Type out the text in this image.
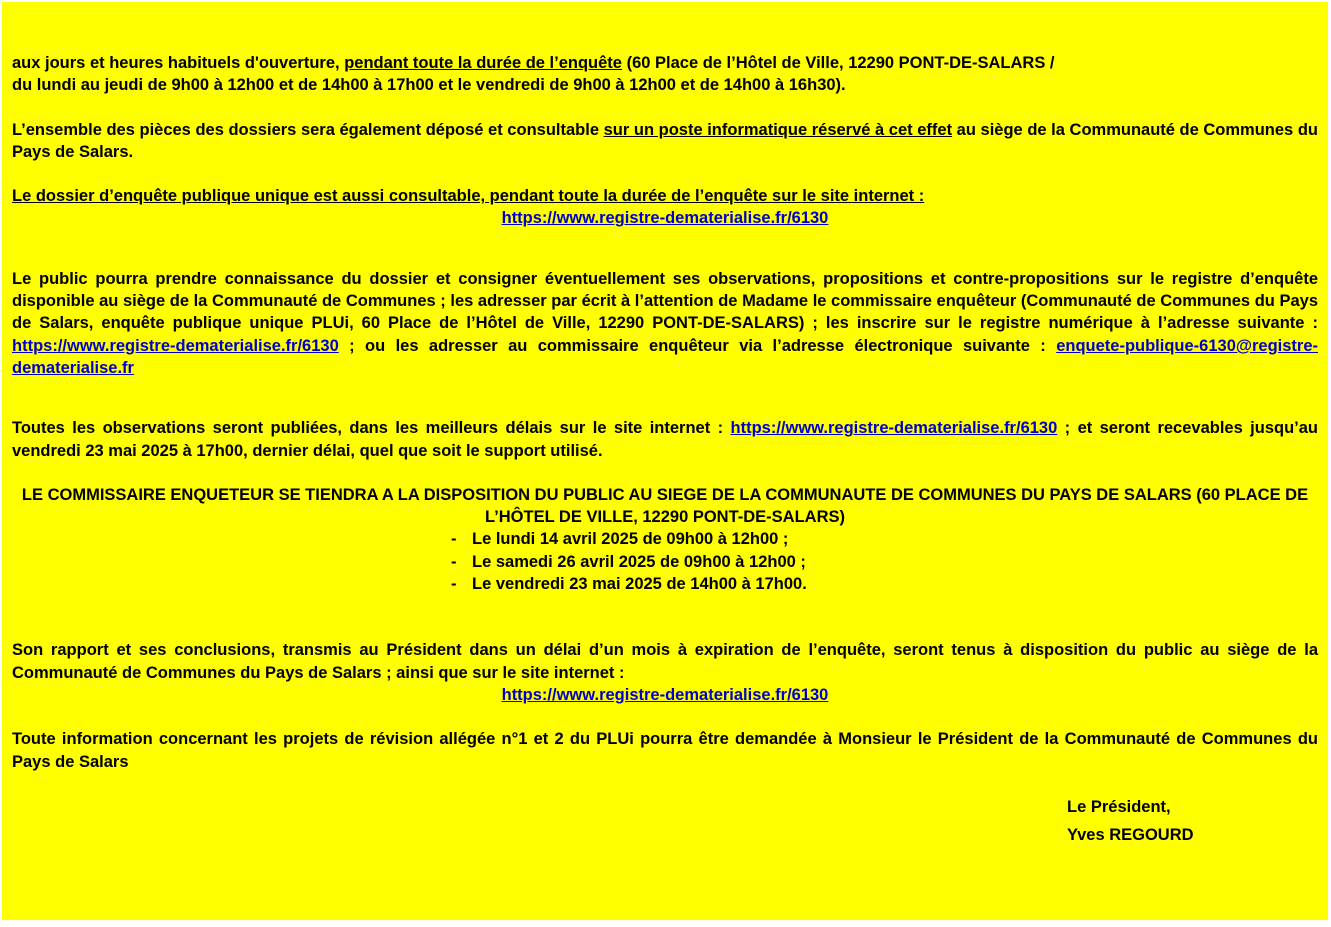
aux jours et heures habituels d'ouverture, pendant toute la durée de l’enquête (60 Place de l’Hôtel de Ville, 12290 PONT-DE-SALARS /
du lundi au jeudi de 9h00 à 12h00 et de 14h00 à 17h00 et le vendredi de 9h00 à 12h00 et de 14h00 à 16h30).

L’ensemble des pièces des dossiers sera également déposé et consultable sur un poste informatique réservé à cet effet au siège de la Communauté de Communes du Pays de Salars.

Le dossier d’enquête publique unique est aussi consultable, pendant toute la durée de l’enquête sur le site internet :

https://www.registre-dematerialise.fr/6130

Le public pourra prendre connaissance du dossier et consigner éventuellement ses observations, propositions et contre-propositions sur le registre d’enquête disponible au siège de la Communauté de Communes ; les adresser par écrit à l’attention de Madame le commissaire enquêteur (Communauté de Communes du Pays de Salars, enquête publique unique PLUi, 60 Place de l’Hôtel de Ville, 12290 PONT-DE-SALARS) ; les inscrire sur le registre numérique à l’adresse suivante : https://www.registre-dematerialise.fr/6130 ; ou les adresser au commissaire enquêteur via l’adresse électronique suivante : enquete-publique-6130@registre-dematerialise.fr

Toutes les observations seront publiées, dans les meilleurs délais sur le site internet : https://www.registre-dematerialise.fr/6130 ; et seront recevables jusqu’au vendredi 23 mai 2025 à 17h00, dernier délai, quel que soit le support utilisé.

LE COMMISSAIRE ENQUETEUR SE TIENDRA A LA DISPOSITION DU PUBLIC AU SIEGE DE LA COMMUNAUTE DE COMMUNES DU PAYS DE SALARS (60 PLACE DE L’HÔTEL DE VILLE, 12290 PONT-DE-SALARS)

- Le lundi 14 avril 2025 de 09h00 à 12h00 ;
- Le samedi 26 avril 2025 de 09h00 à 12h00 ;
- Le vendredi 23 mai 2025 de 14h00 à 17h00.

Son rapport et ses conclusions, transmis au Président dans un délai d’un mois à expiration de l’enquête, seront tenus à disposition du public au siège de la Communauté de Communes du Pays de Salars ; ainsi que sur le site internet :

https://www.registre-dematerialise.fr/6130

Toute information concernant les projets de révision allégée n°1 et 2 du PLUi pourra être demandée à Monsieur le Président de la Communauté de Communes du Pays de Salars

Le Président,
Yves REGOURD
